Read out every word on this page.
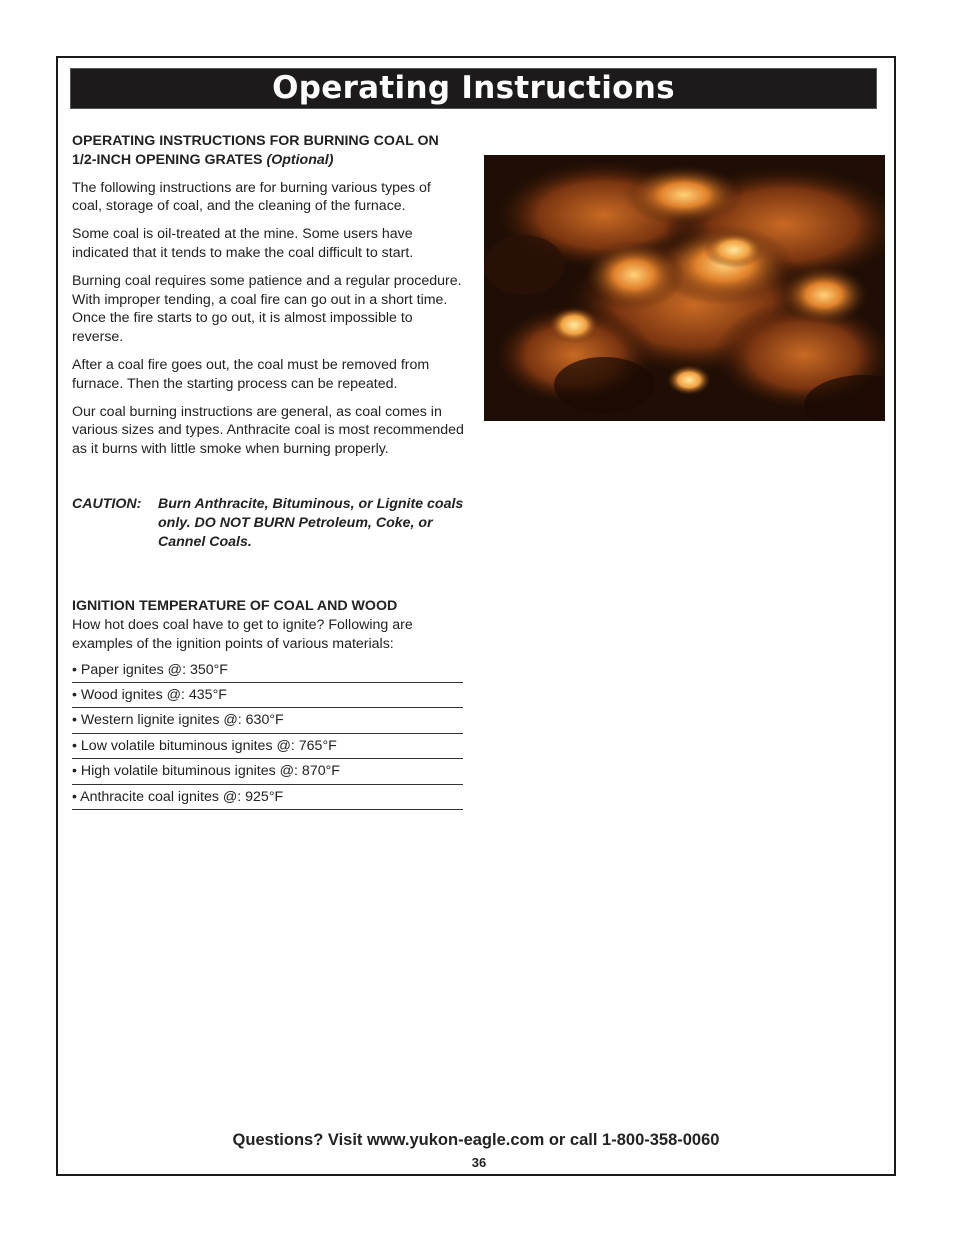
Operating Instructions

OPERATING INSTRUCTIONS FOR BURNING COAL ON 1/2-INCH OPENING GRATES (Optional)

The following instructions are for burning various types of coal, storage of coal, and the cleaning of the furnace.

Some coal is oil-treated at the mine. Some users have indicated that it tends to make the coal difficult to start.

Burning coal requires some patience and a regular procedure. With improper tending, a coal fire can go out in a short time. Once the fire starts to go out, it is almost impossible to reverse.

After a coal fire goes out, the coal must be removed from furnace. Then the starting process can be repeated.

Our coal burning instructions are general, as coal comes in various sizes and types. Anthracite coal is most recommended as it burns with little smoke when burning properly.

CAUTION:	Burn Anthracite, Bituminous, or Lignite coals only. DO NOT BURN Petroleum, Coke, or Cannel Coals.

IGNITION TEMPERATURE OF COAL AND WOOD

How hot does coal have to get to ignite? Following are examples of the ignition points of various materials:

• Paper ignites @: 350°F
• Wood ignites @: 435°F
• Western lignite ignites @: 630°F
• Low volatile bituminous ignites @: 765°F
• High volatile bituminous ignites @: 870°F
• Anthracite coal ignites @: 925°F
Questions? Visit www.yukon-eagle.com or call 1-800-358-0060
36
